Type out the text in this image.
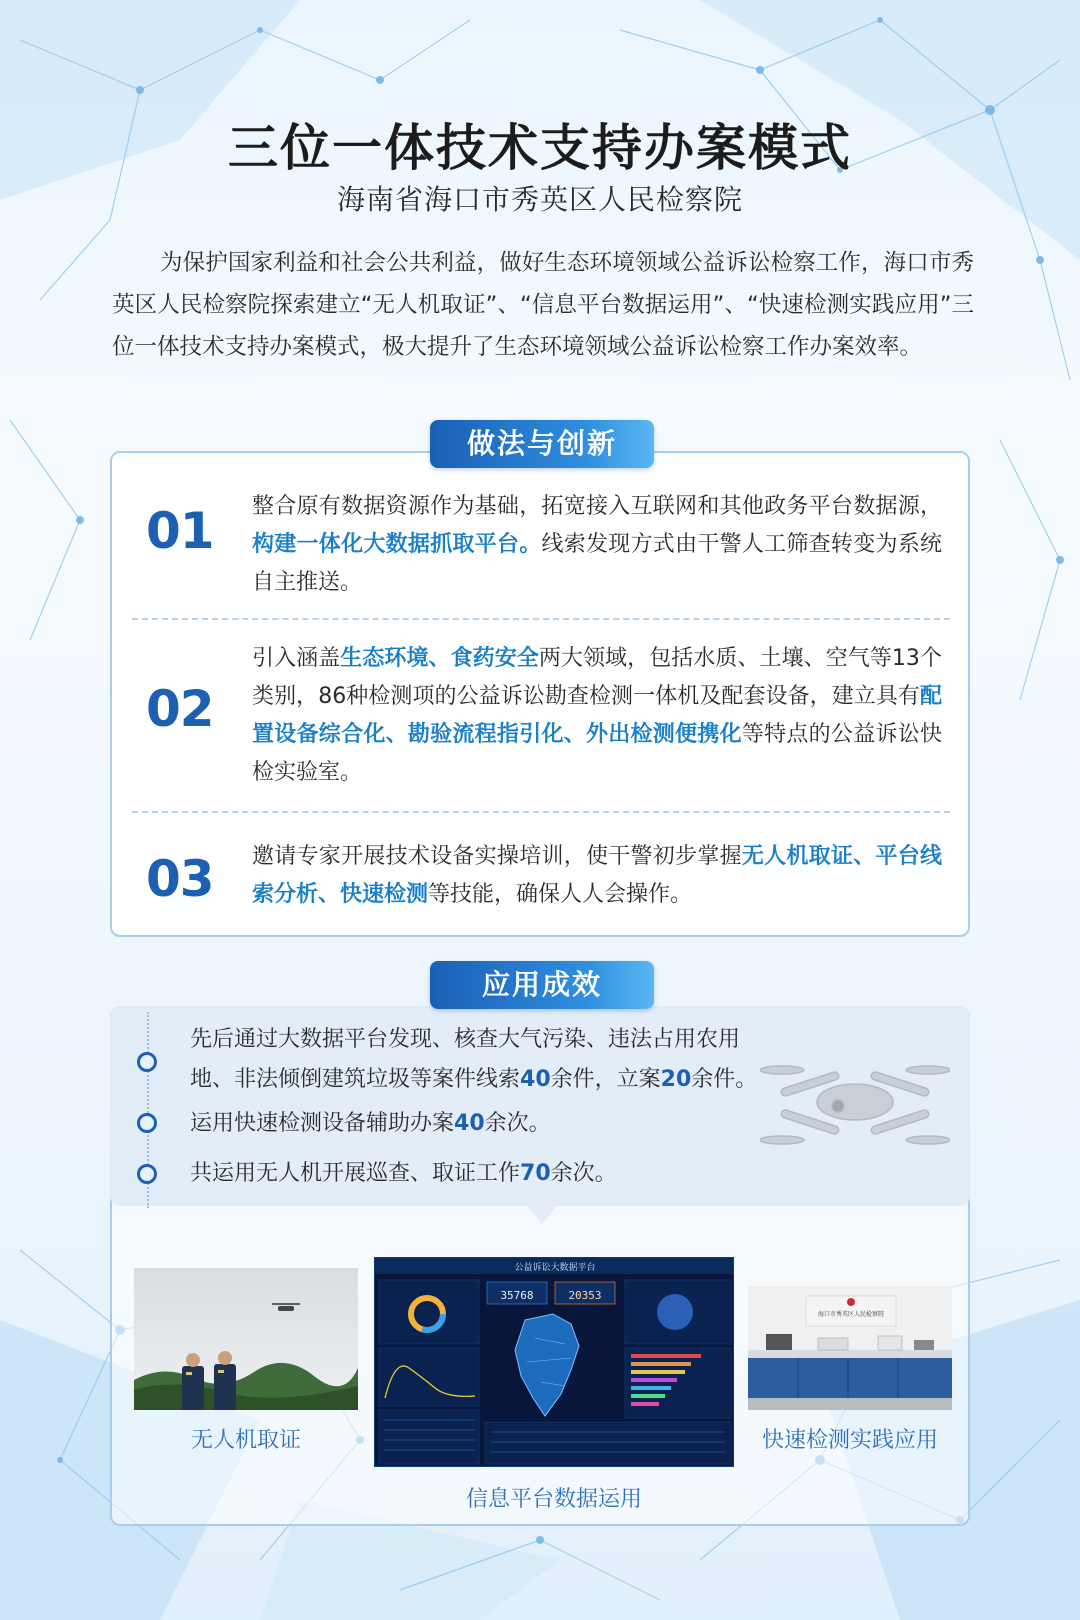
三位一体技术支持办案模式
海南省海口市秀英区人民检察院

为保护国家利益和社会公共利益，做好生态环境领域公益诉讼检察工作，海口市秀英区人民检察院探索建立“无人机取证”、“信息平台数据运用”、“快速检测实践应用”三位一体技术支持办案模式，极大提升了生态环境领域公益诉讼检察工作办案效率。

做法与创新
01 整合原有数据资源作为基础，拓宽接入互联网和其他政务平台数据源，构建一体化大数据抓取平台。线索发现方式由干警人工筛查转变为系统自主推送。

02

引入涵盖生态环境、食药安全两大领域，包括水质、土壤、空气等13个类别，86种检测项的公益诉讼勘查检测一体机及配套设备，建立具有配置设备综合化、勘验流程指引化、外出检测便携化等特点的公益诉讼快检实验室。

03 邀请专家开展技术设备实操培训，使干警初步掌握无人机取证、平台线索分析、快速检测等技能，确保人人会操作。

应用成效
先后通过大数据平台发现、核查大气污染、违法占用农用
地、非法倾倒建筑垃圾等案件线索40余件，立案20余件。
运用快速检测设备辅助办案40余次。
共运用无人机开展巡查、取证工作70余次。
无人机取证
公益诉讼大数据平台
35768	20353
信息平台数据运用
海口市秀英区人民检察院
快速检测实践应用
